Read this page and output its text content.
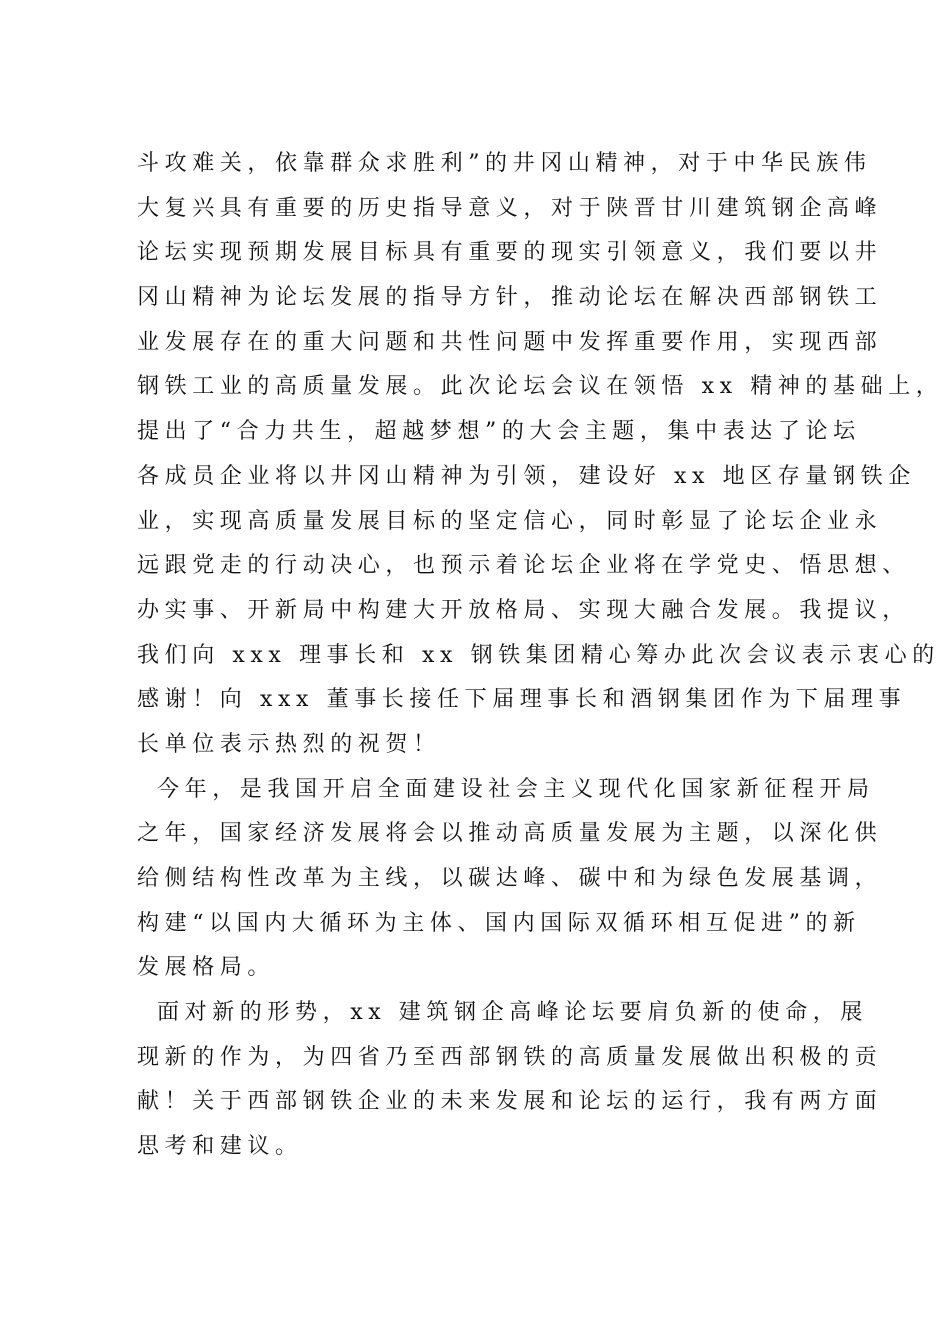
斗攻难关，依靠群众求胜利”的井冈山精神，对于中华民族伟
大复兴具有重要的历史指导意义，对于陕晋甘川建筑钢企高峰
论坛实现预期发展目标具有重要的现实引领意义，我们要以井
冈山精神为论坛发展的指导方针，推动论坛在解决西部钢铁工
业发展存在的重大问题和共性问题中发挥重要作用，实现西部
钢铁工业的高质量发展。此次论坛会议在领悟 xx 精神的基础上，
提出了“合力共生，超越梦想”的大会主题，集中表达了论坛
各成员企业将以井冈山精神为引领，建设好 xx 地区存量钢铁企
业，实现高质量发展目标的坚定信心，同时彰显了论坛企业永
远跟党走的行动决心，也预示着论坛企业将在学党史、悟思想、
办实事、开新局中构建大开放格局、实现大融合发展。我提议，
我们向 xxx 理事长和 xx 钢铁集团精心筹办此次会议表示衷心的
感谢！向 xxx 董事长接任下届理事长和酒钢集团作为下届理事
长单位表示热烈的祝贺！
今年，是我国开启全面建设社会主义现代化国家新征程开局
之年，国家经济发展将会以推动高质量发展为主题，以深化供
给侧结构性改革为主线，以碳达峰、碳中和为绿色发展基调，
构建“以国内大循环为主体、国内国际双循环相互促进”的新
发展格局。
面对新的形势，xx 建筑钢企高峰论坛要肩负新的使命，展
现新的作为，为四省乃至西部钢铁的高质量发展做出积极的贡
献！关于西部钢铁企业的未来发展和论坛的运行，我有两方面
思考和建议。
